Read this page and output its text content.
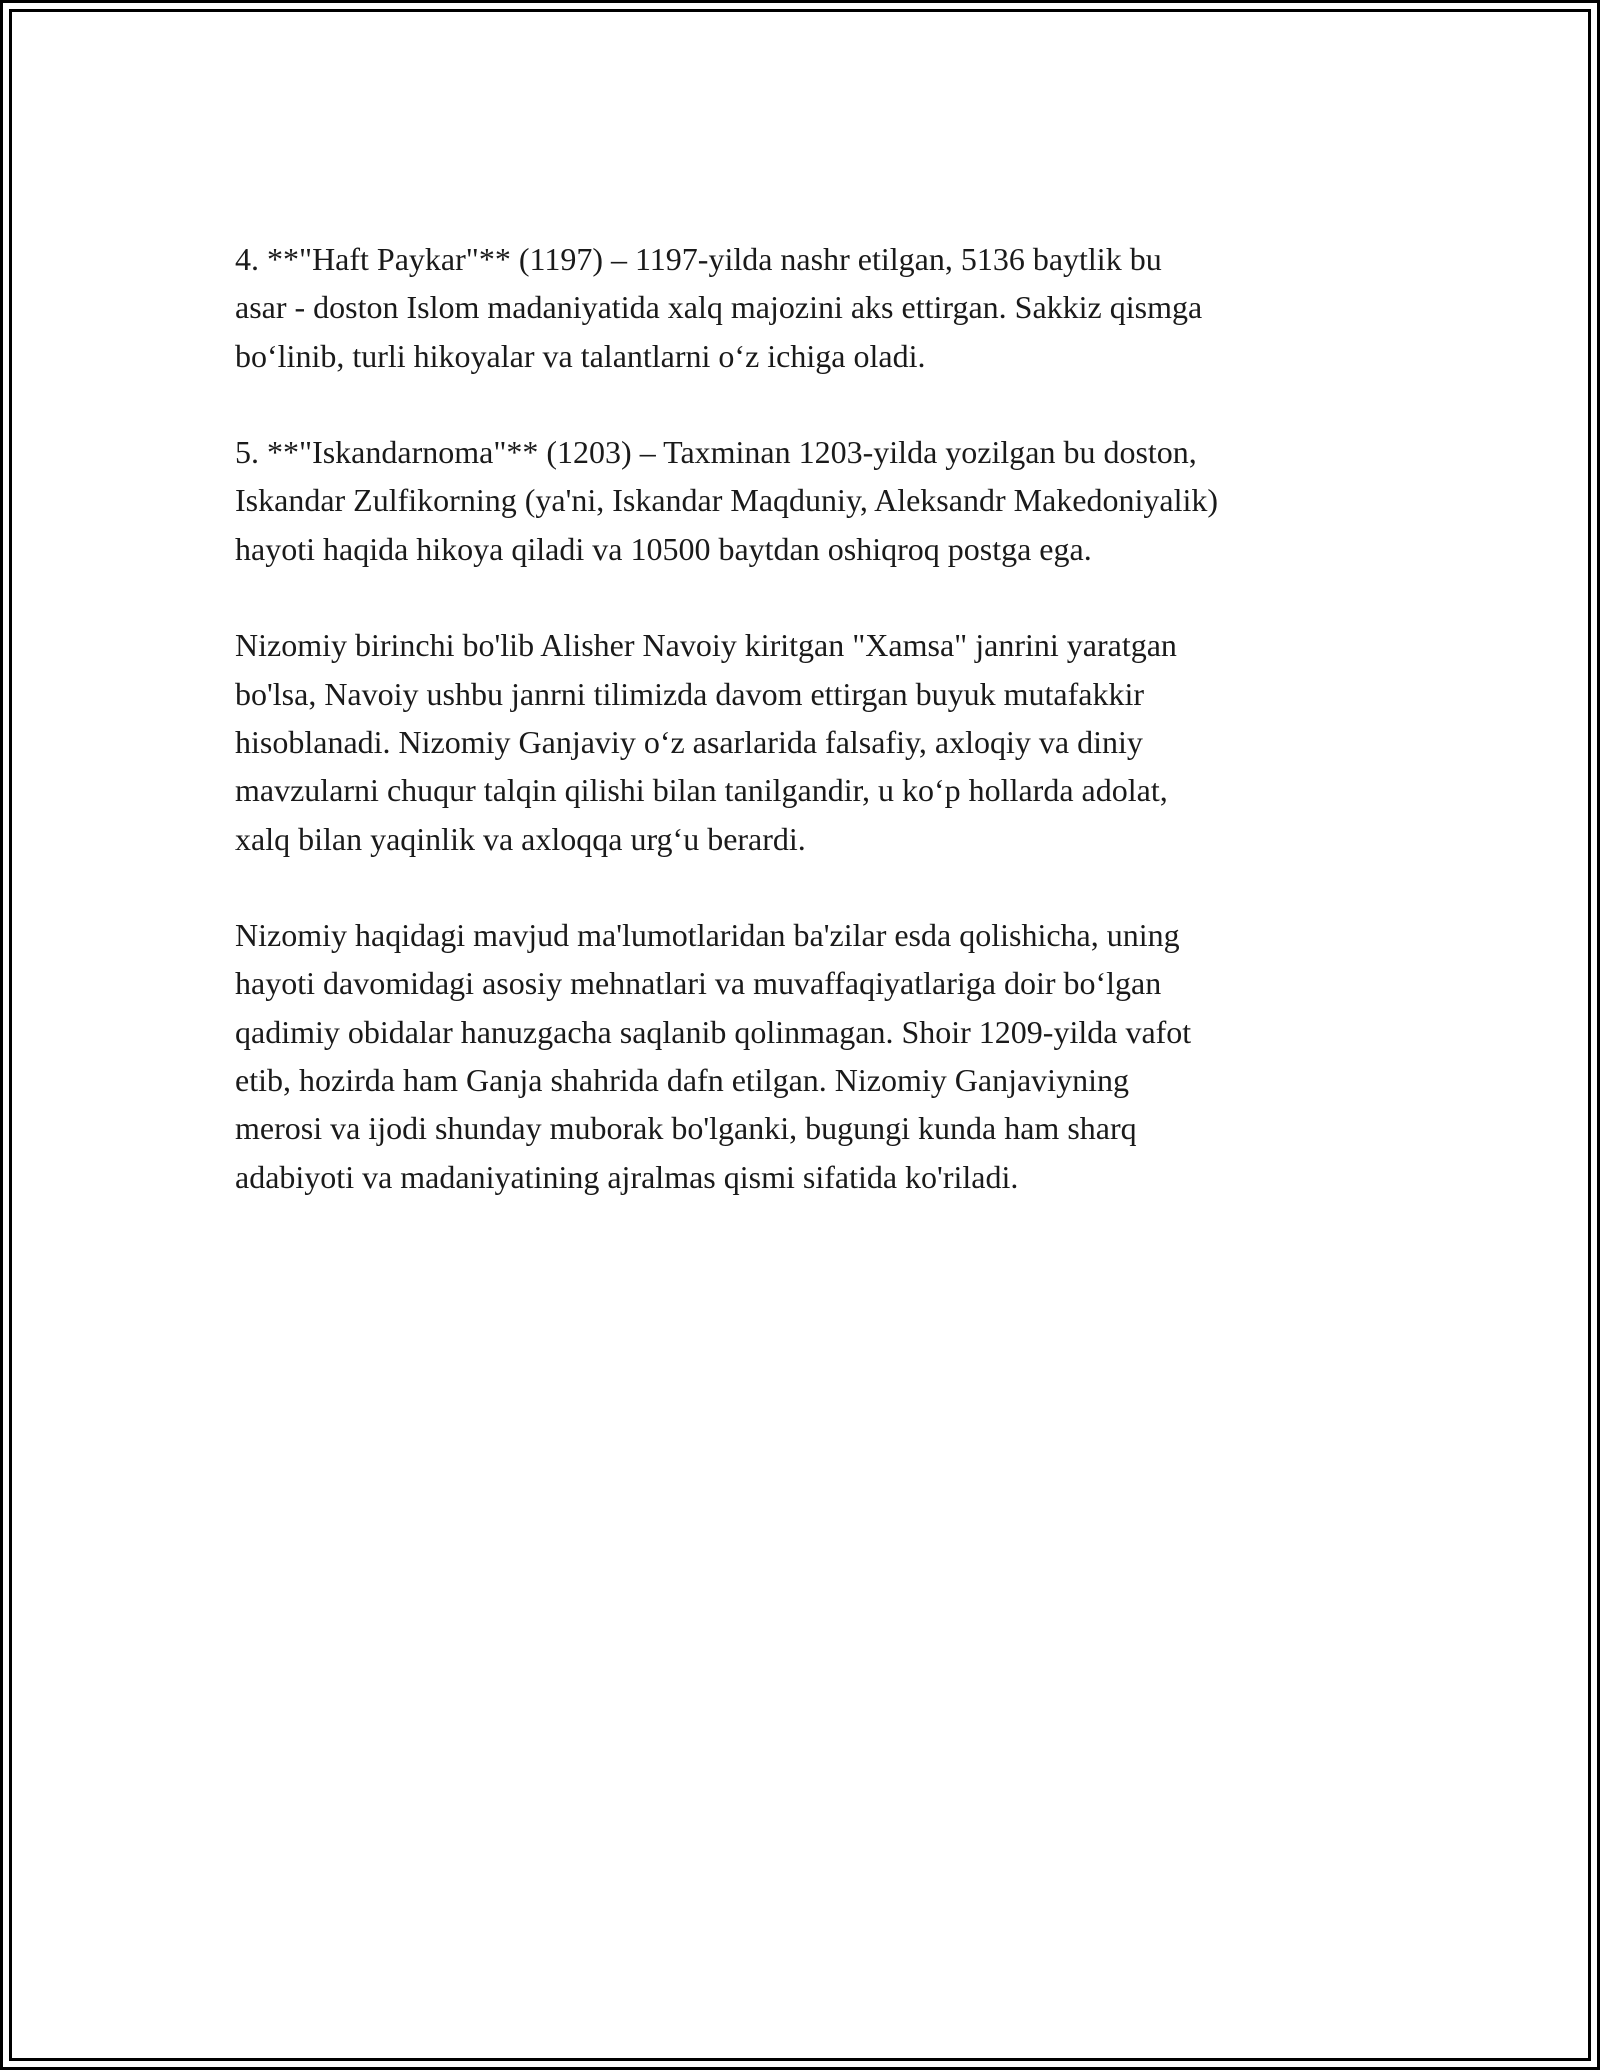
4. **"Haft Paykar"** (1197) – 1197-yilda nashr etilgan, 5136 baytlik bu
asar - doston Islom madaniyatida xalq majozini aks ettirgan. Sakkiz qismga
bo‘linib, turli hikoyalar va talantlarni o‘z ichiga oladi.

5. **"Iskandarnoma"** (1203) – Taxminan 1203-yilda yozilgan bu doston,
Iskandar Zulfikorning (ya'ni, Iskandar Maqduniy, Aleksandr Makedoniyalik)
hayoti haqida hikoya qiladi va 10500 baytdan oshiqroq postga ega.

Nizomiy birinchi bo'lib Alisher Navoiy kiritgan "Xamsa" janrini yaratgan
bo'lsa, Navoiy ushbu janrni tilimizda davom ettirgan buyuk mutafakkir
hisoblanadi. Nizomiy Ganjaviy o‘z asarlarida falsafiy, axloqiy va diniy
mavzularni chuqur talqin qilishi bilan tanilgandir, u ko‘p hollarda adolat,
xalq bilan yaqinlik va axloqqa urg‘u berardi.

Nizomiy haqidagi mavjud ma'lumotlaridan ba'zilar esda qolishicha, uning
hayoti davomidagi asosiy mehnatlari va muvaffaqiyatlariga doir bo‘lgan
qadimiy obidalar hanuzgacha saqlanib qolinmagan. Shoir 1209-yilda vafot
etib, hozirda ham Ganja shahrida dafn etilgan. Nizomiy Ganjaviyning
merosi va ijodi shunday muborak bo'lganki, bugungi kunda ham sharq
adabiyoti va madaniyatining ajralmas qismi sifatida ko'riladi.
